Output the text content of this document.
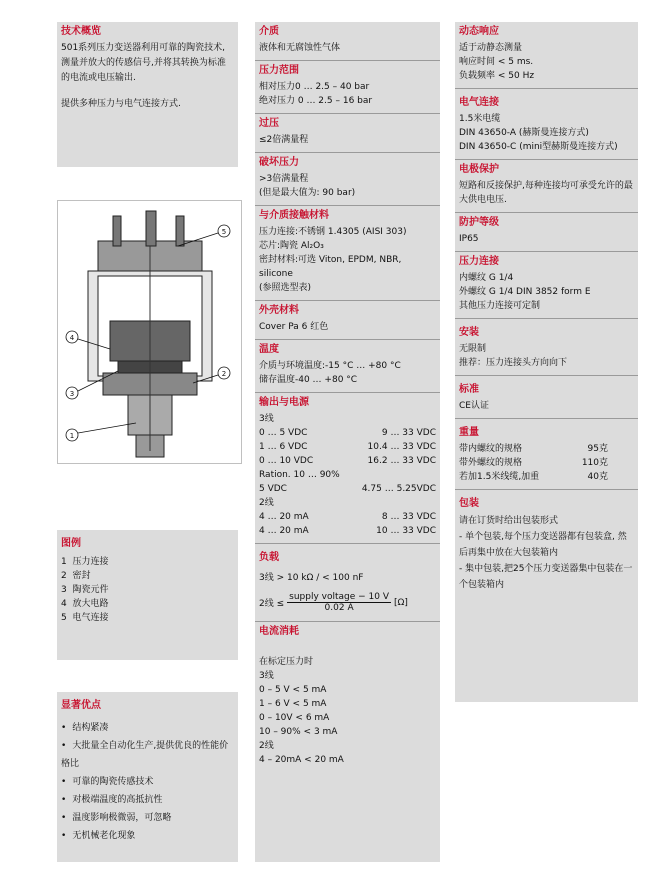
技术概览
501系列压力变送器利用可靠的陶瓷技术,测量并放大的传感信号,并将其转换为标准的电流或电压输出.
提供多种压力与电气连接方式.
5
4
3
2
1
图例
1 压力连接
2 密封
3 陶瓷元件
4 放大电路
5 电气连接
显著优点
• 结构紧凑
• 大批量全自动化生产,提供优良的性能价格比
• 可靠的陶瓷传感技术
• 对极端温度的高抵抗性
• 温度影响极微弱，可忽略
• 无机械老化现象
介质
液体和无腐蚀性气体
压力范围
相对压力0 … 2.5 – 40 bar
绝对压力 0 … 2.5 – 16 bar
过压
≤2倍满量程
破坏压力
>3倍满量程
(但是最大值为: 90 bar)
与介质接触材料
压力连接:不锈钢 1.4305 (AISI 303)
芯片:陶瓷 Al₂O₃
密封材料:可选 Viton, EPDM, NBR, silicone
(参照选型表)
外壳材料
Cover Pa 6 红色
温度
介质与环境温度:-15 °C … +80 °C
储存温度-40 … +80 °C
输出与电源
3线
0 … 5 VDC	9 … 33 VDC
1 … 6 VDC	10.4 … 33 VDC
0 … 10 VDC	16.2 … 33 VDC
Ration. 10 … 90%
5 VDC	4.75 … 5.25VDC
2线
4 … 20 mA	8 … 33 VDC
4 … 20 mA	10 … 33 VDC
负载
3线 > 10 kΩ / < 100 nF
2线 ≤ $\frac{\text{supply voltage − 10 V}}{0.02 A} [\Omega]$
电流消耗

在标定压力时
3线
0 – 5 V < 5 mA
1 – 6 V < 5 mA
0 – 10V < 6 mA
10 – 90% < 3 mA
2线
4 – 20mA < 20 mA

动态响应
适于动静态测量
响应时间 < 5 ms.
负载频率 < 50 Hz
电气连接
1.5米电缆
DIN 43650-A (赫斯曼连接方式)
DIN 43650-C (mini型赫斯曼连接方式)
电极保护
短路和反接保护,每种连接均可承受允许的最大供电电压.
防护等级
IP65
压力连接
内螺纹 G 1/4
外螺纹 G 1/4 DIN 3852 form E
其他压力连接可定制
安装
无限制
推荐：压力连接头方向向下
标准
CE认证
重量
带内螺纹的规格	95克
带外螺纹的规格	110克
若加1.5米线缆,加重	40克
包装
请在订货时给出包装形式
- 单个包装,每个压力变送器都有包装盒, 然后再集中放在大包装箱内
- 集中包装,把25个压力变送器集中包装在一个包装箱内
